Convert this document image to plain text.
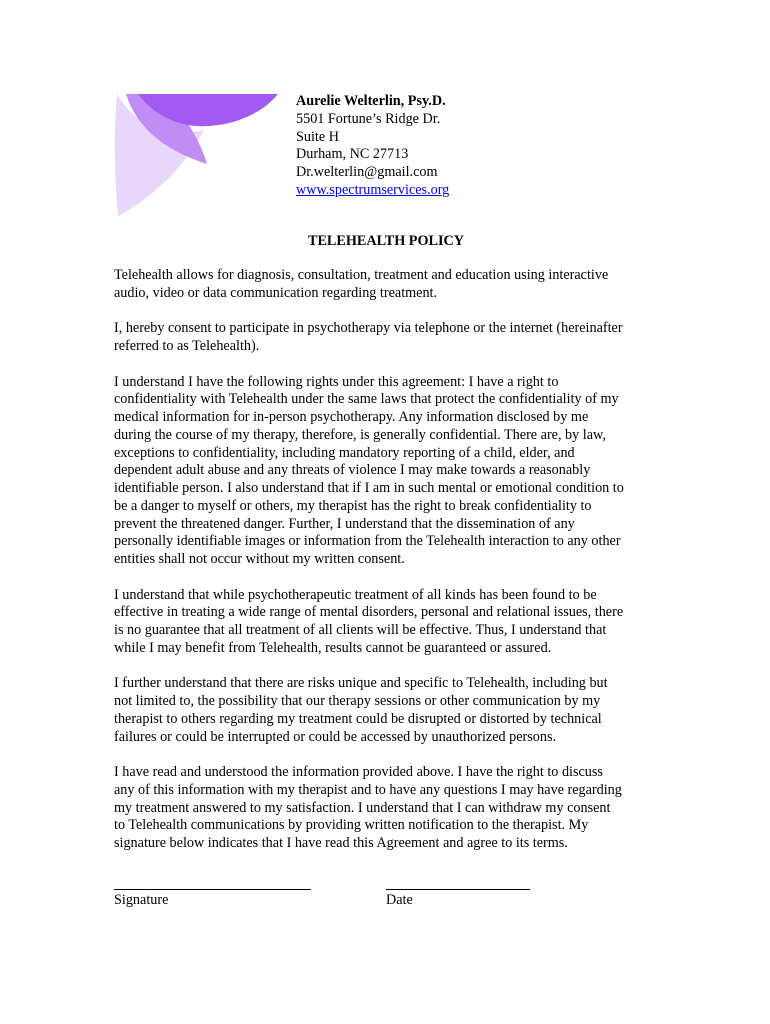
Aurelie Welterlin, Psy.D.
5501 Fortune’s Ridge Dr.
Suite H
Durham, NC 27713
Dr.welterlin@gmail.com
www.spectrumservices.org
TELEHEALTH POLICY

Telehealth allows for diagnosis, consultation, treatment and education using interactive
audio, video or data communication regarding treatment.

I, hereby consent to participate in psychotherapy via telephone or the internet (hereinafter
referred to as Telehealth).

I understand I have the following rights under this agreement: I have a right to
confidentiality with Telehealth under the same laws that protect the confidentiality of my
medical information for in-person psychotherapy. Any information disclosed by me
during the course of my therapy, therefore, is generally confidential. There are, by law,
exceptions to confidentiality, including mandatory reporting of a child, elder, and
dependent adult abuse and any threats of violence I may make towards a reasonably
identifiable person. I also understand that if I am in such mental or emotional condition to
be a danger to myself or others, my therapist has the right to break confidentiality to
prevent the threatened danger. Further, I understand that the dissemination of any
personally identifiable images or information from the Telehealth interaction to any other
entities shall not occur without my written consent.

I understand that while psychotherapeutic treatment of all kinds has been found to be
effective in treating a wide range of mental disorders, personal and relational issues, there
is no guarantee that all treatment of all clients will be effective. Thus, I understand that
while I may benefit from Telehealth, results cannot be guaranteed or assured.

I further understand that there are risks unique and specific to Telehealth, including but
not limited to, the possibility that our therapy sessions or other communication by my
therapist to others regarding my treatment could be disrupted or distorted by technical
failures or could be interrupted or could be accessed by unauthorized persons.

I have read and understood the information provided above. I have the right to discuss
any of this information with my therapist and to have any questions I may have regarding
my treatment answered to my satisfaction. I understand that I can withdraw my consent
to Telehealth communications by providing written notification to the therapist. My
signature below indicates that I have read this Agreement and agree to its terms.

Signature	Date
